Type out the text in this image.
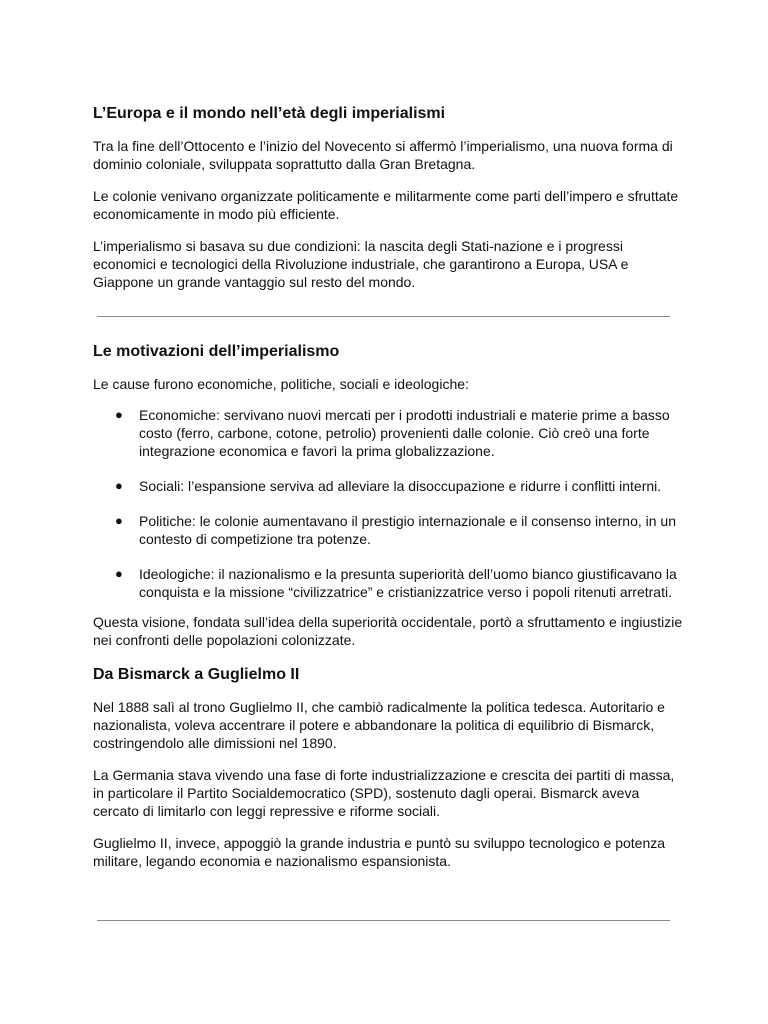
L’Europa e il mondo nell’età degli imperialismi

Tra la fine dell’Ottocento e l’inizio del Novecento si affermò l’imperialismo, una nuova forma di dominio coloniale, sviluppata soprattutto dalla Gran Bretagna.

Le colonie venivano organizzate politicamente e militarmente come parti dell’impero e sfruttate economicamente in modo più efficiente.

L’imperialismo si basava su due condizioni: la nascita degli Stati-nazione e i progressi economici e tecnologici della Rivoluzione industriale, che garantirono a Europa, USA e Giappone un grande vantaggio sul resto del mondo.

Le motivazioni dell’imperialismo

Le cause furono economiche, politiche, sociali e ideologiche:

● Economiche: servivano nuovi mercati per i prodotti industriali e materie prime a basso costo (ferro, carbone, cotone, petrolio) provenienti dalle colonie. Ciò creò una forte integrazione economica e favorì la prima globalizzazione.
● Sociali: l’espansione serviva ad alleviare la disoccupazione e ridurre i conflitti interni.
● Politiche: le colonie aumentavano il prestigio internazionale e il consenso interno, in un contesto di competizione tra potenze.
● Ideologiche: il nazionalismo e la presunta superiorità dell’uomo bianco giustificavano la conquista e la missione “civilizzatrice” e cristianizzatrice verso i popoli ritenuti arretrati.

Questa visione, fondata sull’idea della superiorità occidentale, portò a sfruttamento e ingiustizie nei confronti delle popolazioni colonizzate.

Da Bismarck a Guglielmo II

Nel 1888 salì al trono Guglielmo II, che cambiò radicalmente la politica tedesca. Autoritario e nazionalista, voleva accentrare il potere e abbandonare la politica di equilibrio di Bismarck, costringendolo alle dimissioni nel 1890.

La Germania stava vivendo una fase di forte industrializzazione e crescita dei partiti di massa, in particolare il Partito Socialdemocratico (SPD), sostenuto dagli operai. Bismarck aveva cercato di limitarlo con leggi repressive e riforme sociali.

Guglielmo II, invece, appoggiò la grande industria e puntò su sviluppo tecnologico e potenza militare, legando economia e nazionalismo espansionista.
